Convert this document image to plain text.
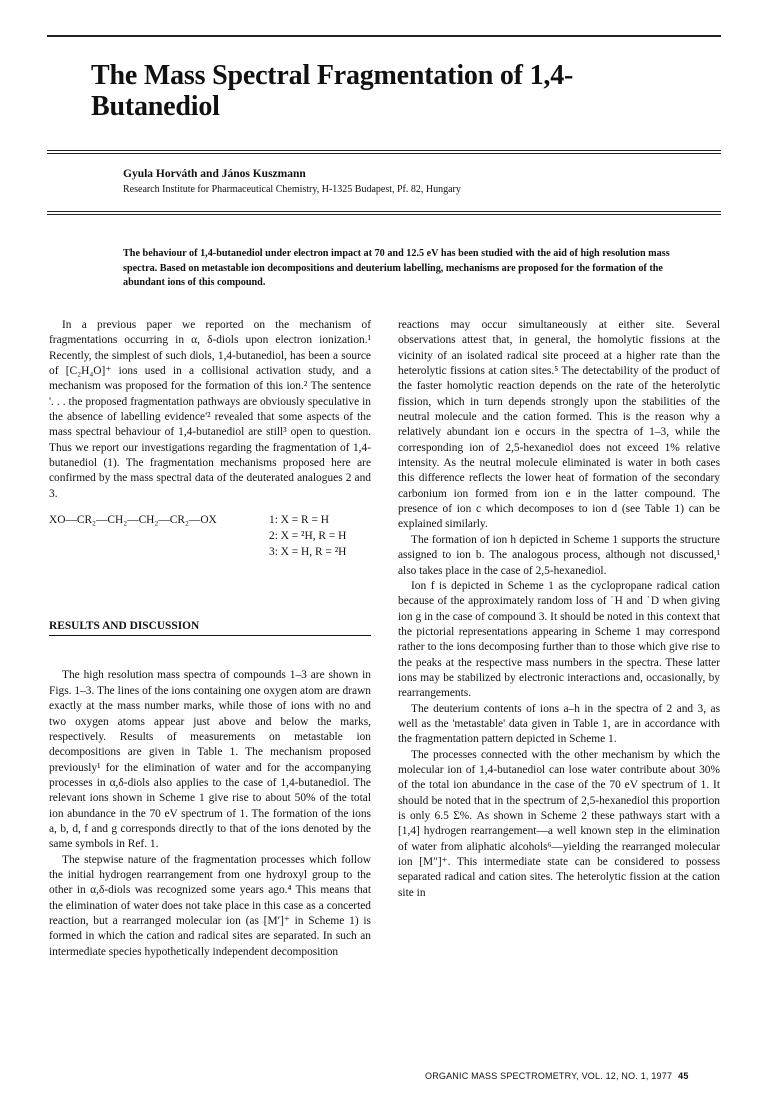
The Mass Spectral Fragmentation of 1,4-Butanediol
Gyula Horváth and János Kuszmann
Research Institute for Pharmaceutical Chemistry, H-1325 Budapest, Pf. 82, Hungary

The behaviour of 1,4-butanediol under electron impact at 70 and 12.5 eV has been studied with the aid of high resolution mass spectra. Based on metastable ion decompositions and deuterium labelling, mechanisms are proposed for the formation of the abundant ions of this compound.

In a previous paper we reported on the mechanism of fragmentations occurring in α, δ-diols upon electron ionization.¹ Recently, the simplest of such diols, 1,4-butanediol, has been a source of [C₂H₄O]⁺ ions used in a collisional activation study, and a mechanism was proposed for the formation of this ion.² The sentence '. . . the proposed fragmentation pathways are obviously speculative in the absence of labelling evidence'² revealed that some aspects of the mass spectral behaviour of 1,4-butanediol are still³ open to question. Thus we report our investigations regarding the fragmentation of 1,4-butanediol (1). The fragmentation mechanisms proposed here are confirmed by the mass spectral data of the deuterated analogues 2 and 3.

XO—CR₂—CH₂—CH₂—CR₂—OX	1: X = R = H
2: X = ²H, R = H
3: X = H, R = ²H
RESULTS AND DISCUSSION

The high resolution mass spectra of compounds 1–3 are shown in Figs. 1–3. The lines of the ions containing one oxygen atom are drawn exactly at the mass number marks, while those of ions with no and two oxygen atoms appear just above and below the marks, respectively. Results of measurements on metastable ion decompositions are given in Table 1. The mechanism proposed previously¹ for the elimination of water and for the accompanying processes in α,δ-diols also applies to the case of 1,4-butanediol. The relevant ions shown in Scheme 1 give rise to about 50% of the total ion abundance in the 70 eV spectrum of 1. The formation of the ions a, b, d, f and g corresponds directly to that of the ions denoted by the same symbols in Ref. 1.

The stepwise nature of the fragmentation processes which follow the initial hydrogen rearrangement from one hydroxyl group to the other in α,δ-diols was recognized some years ago.⁴ This means that the elimination of water does not take place in this case as a concerted reaction, but a rearranged molecular ion (as [M′]⁺ in Scheme 1) is formed in which the cation and radical sites are separated. In such an intermediate species hypothetically independent decomposition

reactions may occur simultaneously at either site. Several observations attest that, in general, the homolytic fissions at the vicinity of an isolated radical site proceed at a higher rate than the heterolytic fissions at cation sites.⁵ The detectability of the product of the faster homolytic reaction depends on the rate of the heterolytic fission, which in turn depends strongly upon the stabilities of the neutral molecule and the cation formed. This is the reason why a relatively abundant ion e occurs in the spectra of 1–3, while the corresponding ion of 2,5-hexanediol does not exceed 1% relative intensity. As the neutral molecule eliminated is water in both cases this difference reflects the lower heat of formation of the secondary carbonium ion formed from ion e in the latter compound. The presence of ion c which decomposes to ion d (see Table 1) can be explained similarly.

The formation of ion h depicted in Scheme 1 supports the structure assigned to ion b. The analogous process, although not discussed,¹ also takes place in the case of 2,5-hexanediol.

Ion f is depicted in Scheme 1 as the cyclopropane radical cation because of the approximately random loss of ˙H and ˙D when giving ion g in the case of compound 3. It should be noted in this context that the pictorial representations appearing in Scheme 1 may correspond rather to the ions decomposing further than to those which give rise to the peaks at the respective mass numbers in the spectra. These latter ions may be stabilized by electronic interactions and, occasionally, by rearrangements.

The deuterium contents of ions a–h in the spectra of 2 and 3, as well as the 'metastable' data given in Table 1, are in accordance with the fragmentation pattern depicted in Scheme 1.

The processes connected with the other mechanism by which the molecular ion of 1,4-butanediol can lose water contribute about 30% of the total ion abundance in the case of the 70 eV spectrum of 1. It should be noted that in the spectrum of 2,5-hexanediol this proportion is only 6.5 Σ%. As shown in Scheme 2 these pathways start with a [1,4] hydrogen rearrangement—a well known step in the elimination of water from aliphatic alcohols⁶—yielding the rearranged molecular ion [M″]⁺. This intermediate state can be considered to possess separated radical and cation sites. The heterolytic fission at the cation site in

ORGANIC MASS SPECTROMETRY, VOL. 12, NO. 1, 1977 45
